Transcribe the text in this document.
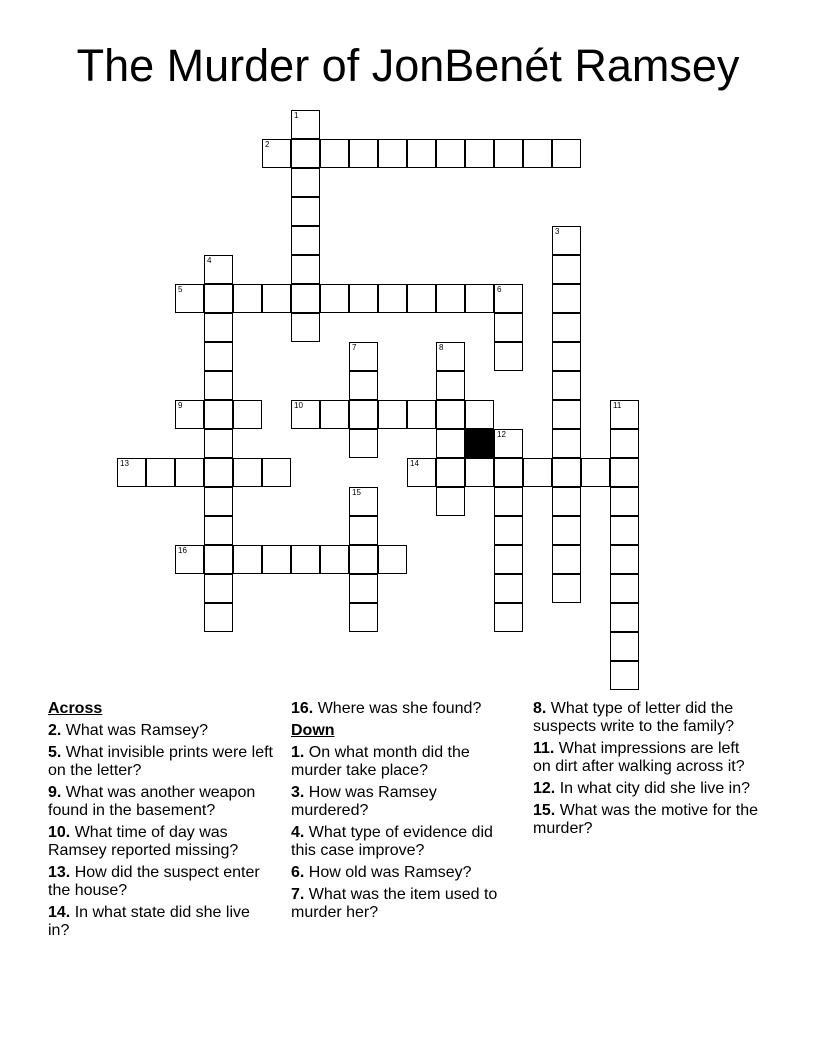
The Murder of JonBenét Ramsey
1
2
3
4
5	6
7	8
9	10	11
12
13	14
15
16
Across
2. What was Ramsey?
5. What invisible prints were left on the letter?
9. What was another weapon found in the basement?
10. What time of day was Ramsey reported missing?
13. How did the suspect enter the house?
14. In what state did she live in?
16. Where was she found?
Down
1. On what month did the murder take place?
3. How was Ramsey murdered?
4. What type of evidence did this case improve?
6. How old was Ramsey?
7. What was the item used to murder her?
8. What type of letter did the suspects write to the family?
11. What impressions are left on dirt after walking across it?
12. In what city did she live in?
15. What was the motive for the murder?
